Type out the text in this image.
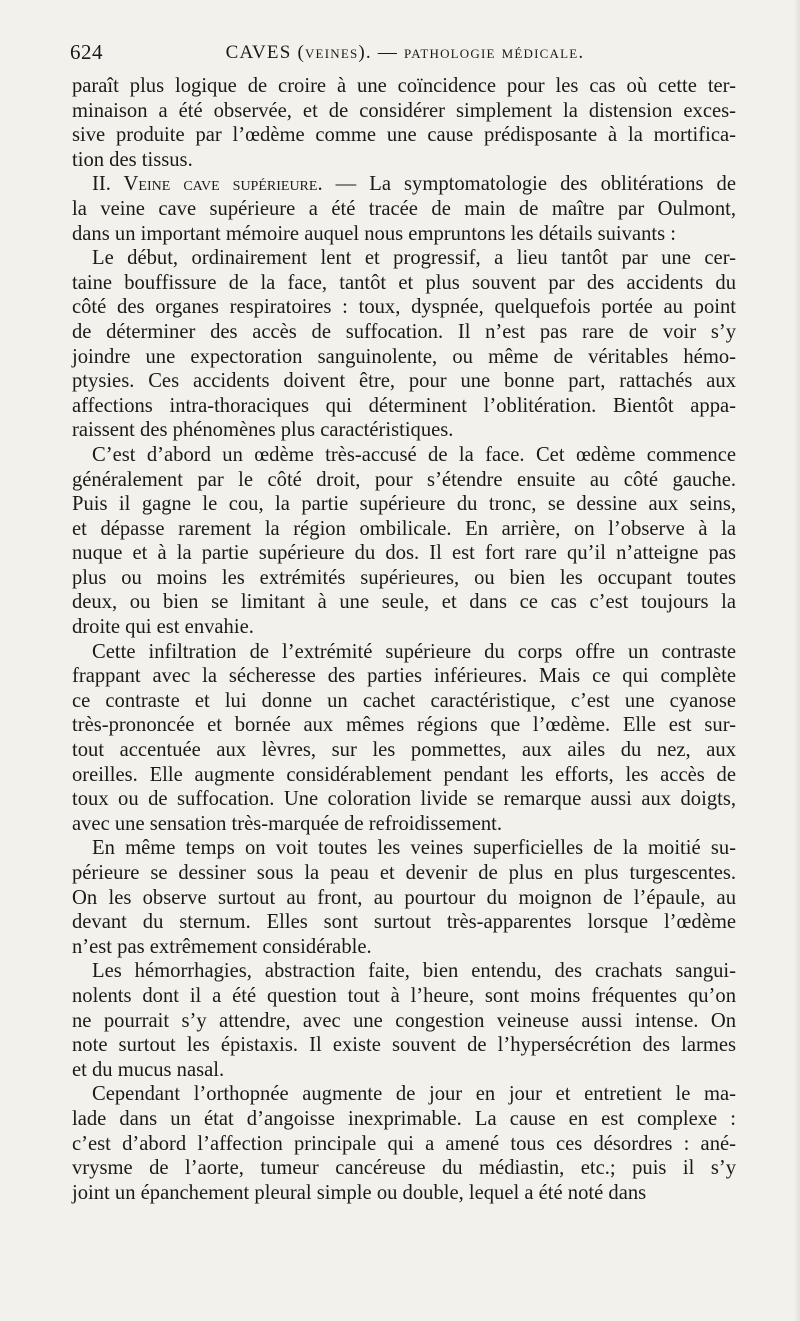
624	CAVES (veines). — pathologie médicale.
paraît plus logique de croire à une coïncidence pour les cas où cette ter-
minaison a été observée, et de considérer simplement la distension exces-
sive produite par l’œdème comme une cause prédisposante à la mortifica-
tion des tissus.
II. Veine cave supérieure. — La symptomatologie des oblitérations de
la veine cave supérieure a été tracée de main de maître par Oulmont,
dans un important mémoire auquel nous empruntons les détails suivants :
Le début, ordinairement lent et progressif, a lieu tantôt par une cer-
taine bouffissure de la face, tantôt et plus souvent par des accidents du
côté des organes respiratoires : toux, dyspnée, quelquefois portée au point
de déterminer des accès de suffocation. Il n’est pas rare de voir s’y
joindre une expectoration sanguinolente, ou même de véritables hémo-
ptysies. Ces accidents doivent être, pour une bonne part, rattachés aux
affections intra-thoraciques qui déterminent l’oblitération. Bientôt appa-
raissent des phénomènes plus caractéristiques.
C’est d’abord un œdème très-accusé de la face. Cet œdème commence
généralement par le côté droit, pour s’étendre ensuite au côté gauche.
Puis il gagne le cou, la partie supérieure du tronc, se dessine aux seins,
et dépasse rarement la région ombilicale. En arrière, on l’observe à la
nuque et à la partie supérieure du dos. Il est fort rare qu’il n’atteigne pas
plus ou moins les extrémités supérieures, ou bien les occupant toutes
deux, ou bien se limitant à une seule, et dans ce cas c’est toujours la
droite qui est envahie.
Cette infiltration de l’extrémité supérieure du corps offre un contraste
frappant avec la sécheresse des parties inférieures. Mais ce qui complète
ce contraste et lui donne un cachet caractéristique, c’est une cyanose
très-prononcée et bornée aux mêmes régions que l’œdème. Elle est sur-
tout accentuée aux lèvres, sur les pommettes, aux ailes du nez, aux
oreilles. Elle augmente considérablement pendant les efforts, les accès de
toux ou de suffocation. Une coloration livide se remarque aussi aux doigts,
avec une sensation très-marquée de refroidissement.
En même temps on voit toutes les veines superficielles de la moitié su-
périeure se dessiner sous la peau et devenir de plus en plus turgescentes.
On les observe surtout au front, au pourtour du moignon de l’épaule, au
devant du sternum. Elles sont surtout très-apparentes lorsque l’œdème
n’est pas extrêmement considérable.
Les hémorrhagies, abstraction faite, bien entendu, des crachats sangui-
nolents dont il a été question tout à l’heure, sont moins fréquentes qu’on
ne pourrait s’y attendre, avec une congestion veineuse aussi intense. On
note surtout les épistaxis. Il existe souvent de l’hypersécrétion des larmes
et du mucus nasal.
Cependant l’orthopnée augmente de jour en jour et entretient le ma-
lade dans un état d’angoisse inexprimable. La cause en est complexe :
c’est d’abord l’affection principale qui a amené tous ces désordres : ané-
vrysme de l’aorte, tumeur cancéreuse du médiastin, etc.; puis il s’y
joint un épanchement pleural simple ou double, lequel a été noté dans
